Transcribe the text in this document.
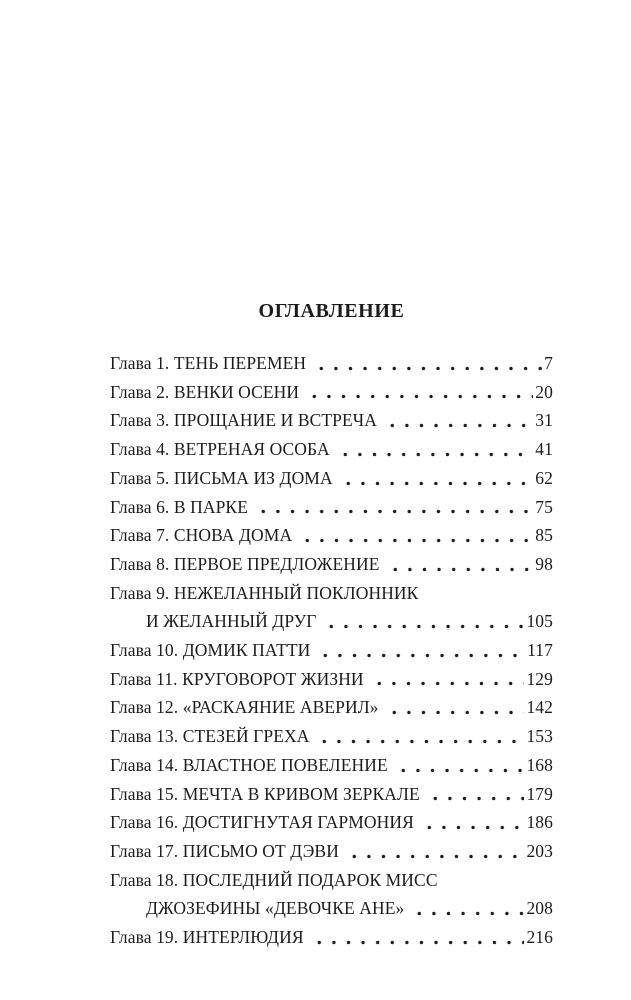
ОГЛАВЛЕНИЕ
Глава 1. ТЕНЬ ПЕРЕМЕН	7
Глава 2. ВЕНКИ ОСЕНИ	20
Глава 3. ПРОЩАНИЕ И ВСТРЕЧА	31
Глава 4. ВЕТРЕНАЯ ОСОБА	41
Глава 5. ПИСЬМА ИЗ ДОМА	62
Глава 6. В ПАРКЕ	75
Глава 7. СНОВА ДОМА	85
Глава 8. ПЕРВОЕ ПРЕДЛОЖЕНИЕ	98
Глава 9. НЕЖЕЛАННЫЙ ПОКЛОННИК
И ЖЕЛАННЫЙ ДРУГ	105
Глава 10. ДОМИК ПАТТИ	117
Глава 11. КРУГОВОРОТ ЖИЗНИ	129
Глава 12. «РАСКАЯНИЕ АВЕРИЛ»	142
Глава 13. СТЕЗЕЙ ГРЕХА	153
Глава 14. ВЛАСТНОЕ ПОВЕЛЕНИЕ	168
Глава 15. МЕЧТА В КРИВОМ ЗЕРКАЛЕ	179
Глава 16. ДОСТИГНУТАЯ ГАРМОНИЯ	186
Глава 17. ПИСЬМО ОТ ДЭВИ	203
Глава 18. ПОСЛЕДНИЙ ПОДАРОК МИСС
ДЖОЗЕФИНЫ «ДЕВОЧКЕ АНЕ»	208
Глава 19. ИНТЕРЛЮДИЯ	216
